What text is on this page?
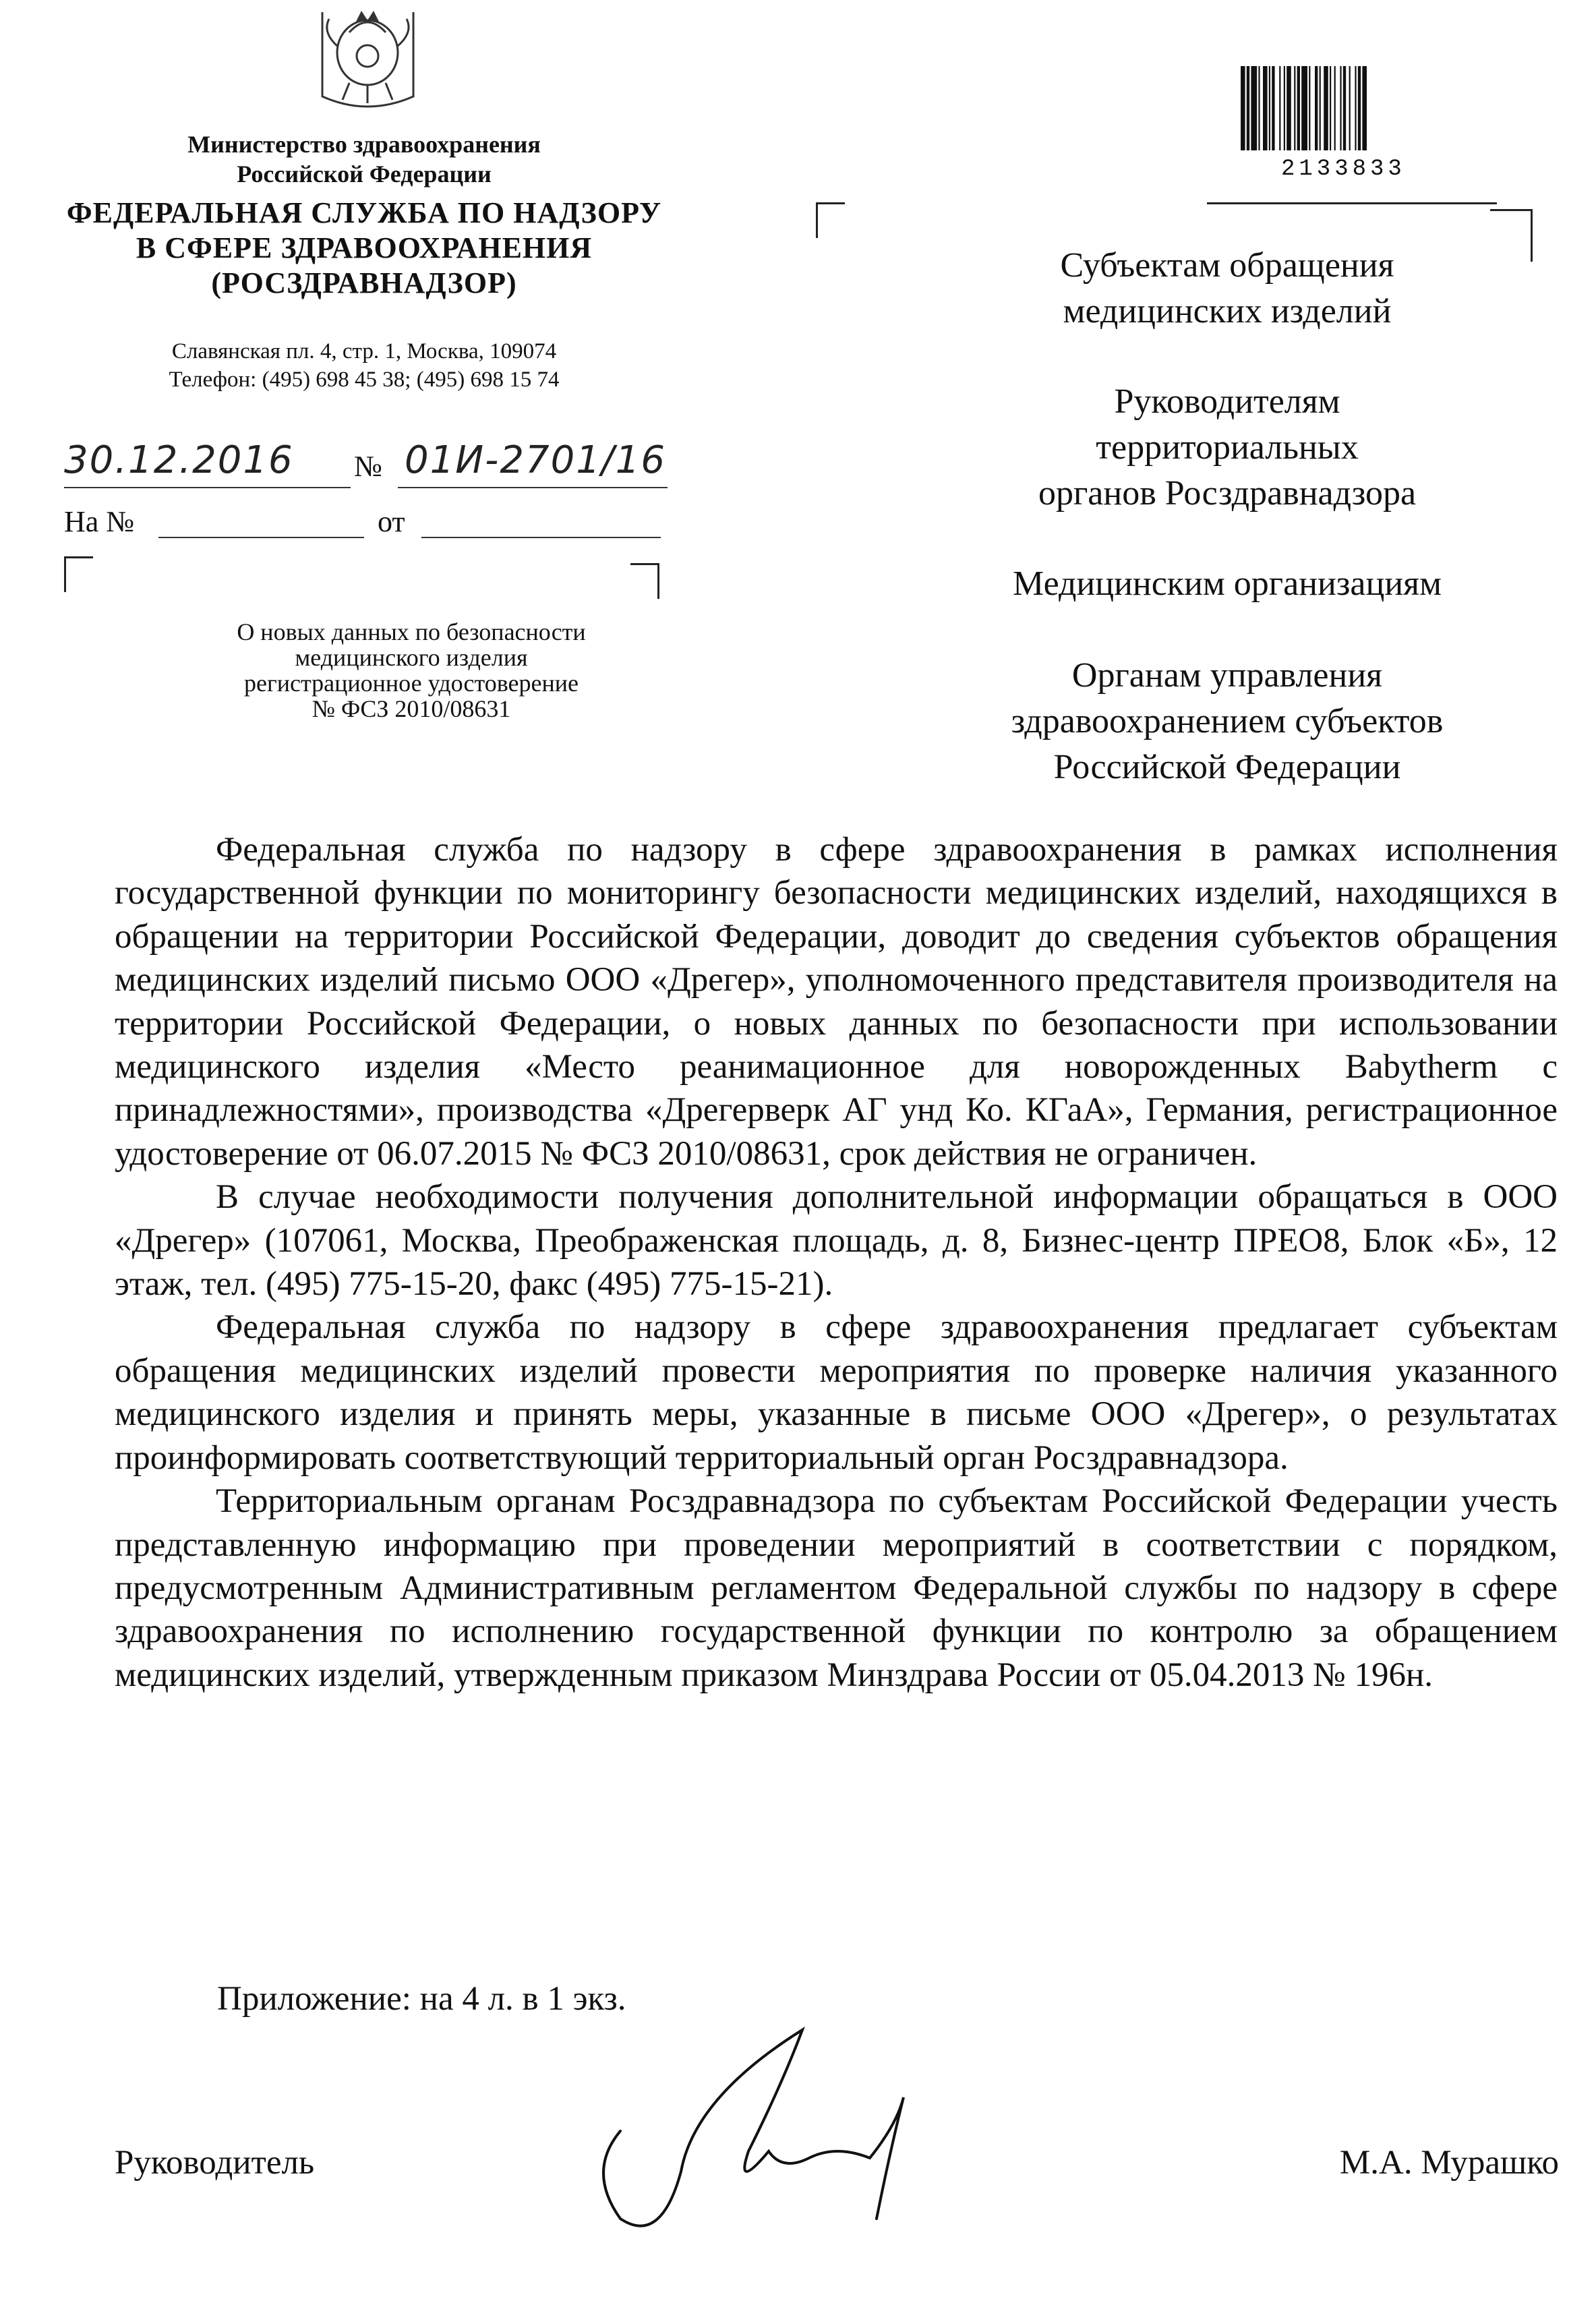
Министерство здравоохранения
Российской Федерации
ФЕДЕРАЛЬНАЯ СЛУЖБА ПО НАДЗОРУ
В СФЕРЕ ЗДРАВООХРАНЕНИЯ
(РОСЗДРАВНАДЗОР)
Славянская пл. 4, стр. 1, Москва, 109074
Телефон: (495) 698 45 38; (495) 698 15 74
30.12.2016 № 01И-2701/16
На №	от
О новых данных по безопасности
медицинского изделия
регистрационное удостоверение
№ ФСЗ 2010/08631
2133833
Субъектам обращения
медицинских изделий
Руководителям
территориальных
органов Росздравнадзора
Медицинским организациям
Органам управления
здравоохранением субъектов
Российской Федерации

Федеральная служба по надзору в сфере здравоохранения в рамках исполнения государственной функции по мониторингу безопасности медицинских изделий, находящихся в обращении на территории Российской Федерации, доводит до сведения субъектов обращения медицинских изделий письмо ООО «Дрегер», уполномоченного представителя производителя на территории Российской Федерации, о новых данных по безопасности при использовании медицинского изделия «Место реанимационное для новорожденных Babytherm с принадлежностями», производства «Дрегерверк АГ унд Ко. КГаА», Германия, регистрационное удостоверение от 06.07.2015 № ФСЗ 2010/08631, срок действия не ограничен.

В случае необходимости получения дополнительной информации обращаться в ООО «Дрегер» (107061, Москва, Преображенская площадь, д. 8, Бизнес-центр ПРЕО8, Блок «Б», 12 этаж, тел. (495) 775-15-20, факс (495) 775-15-21).

Федеральная служба по надзору в сфере здравоохранения предлагает субъектам обращения медицинских изделий провести мероприятия по проверке наличия указанного медицинского изделия и принять меры, указанные в письме ООО «Дрегер», о результатах проинформировать соответствующий территориальный орган Росздравнадзора.

Территориальным органам Росздравнадзора по субъектам Российской Федерации учесть представленную информацию при проведении мероприятий в соответствии с порядком, предусмотренным Административным регламентом Федеральной службы по надзору в сфере здравоохранения по исполнению государственной функции по контролю за обращением медицинских изделий, утвержденным приказом Минздрава России от 05.04.2013 № 196н.

Приложение: на 4 л. в 1 экз.
Руководитель	М.А. Мурашко
